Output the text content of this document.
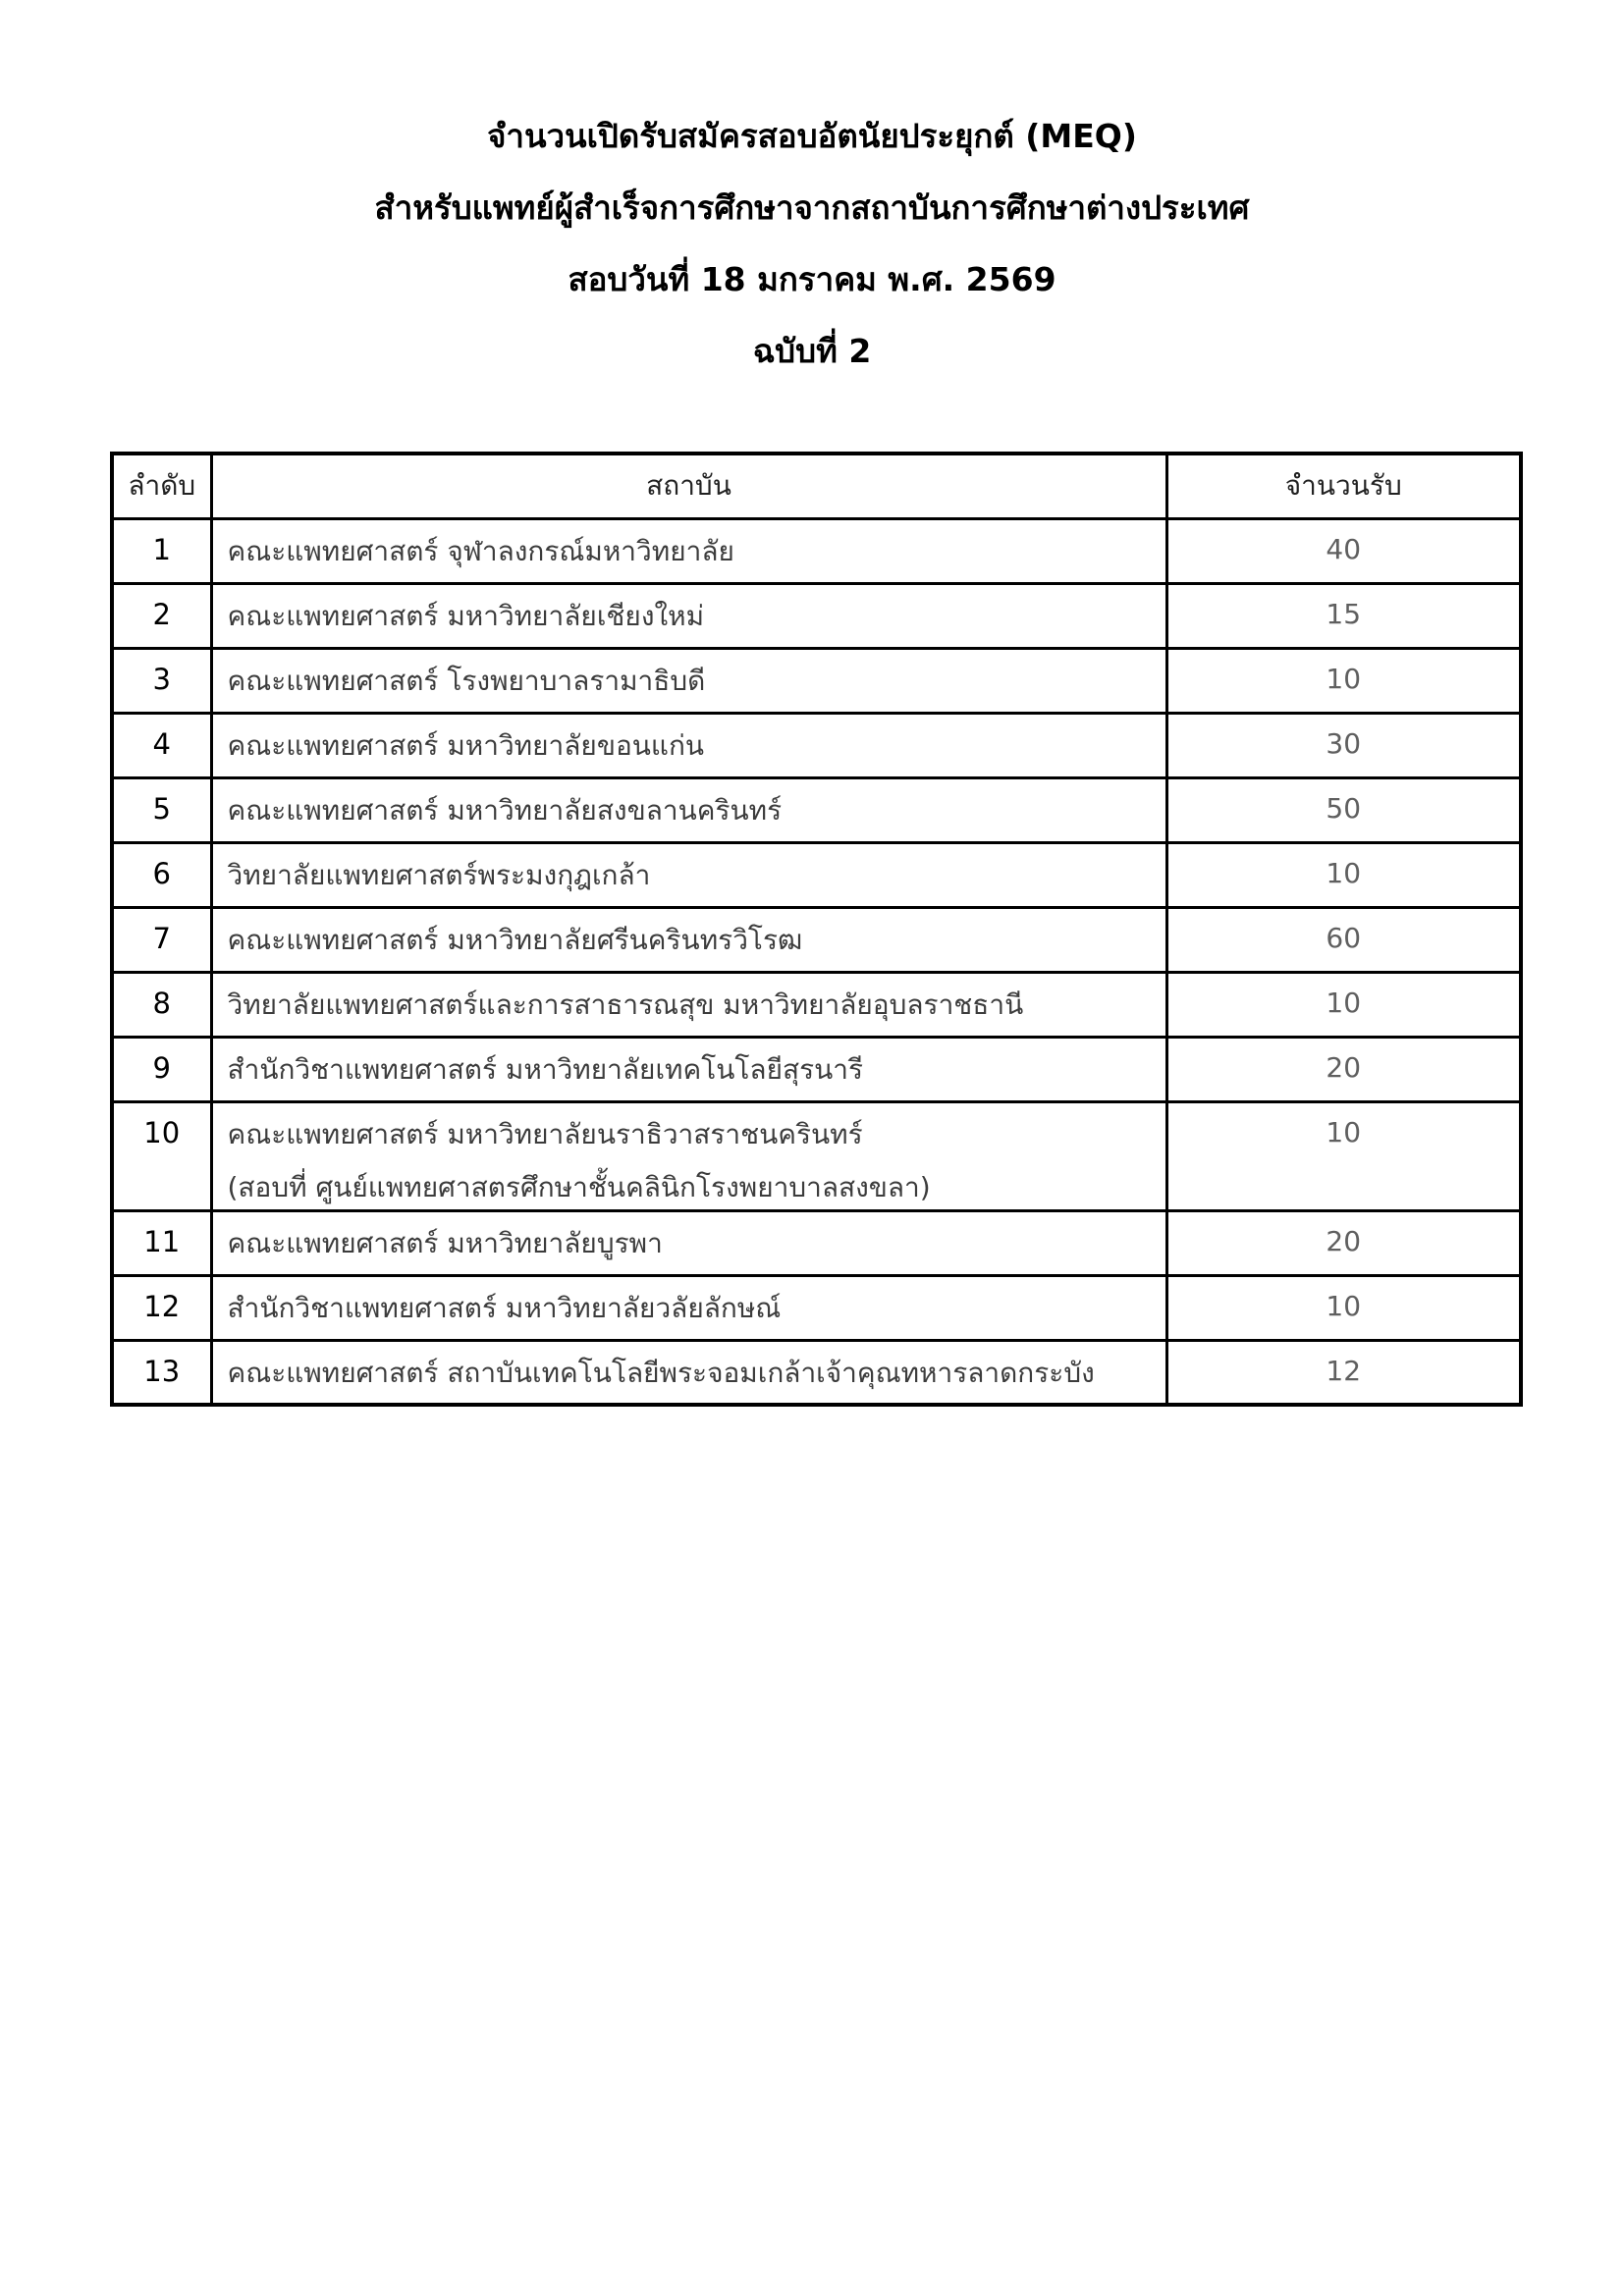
จำนวนเปิดรับสมัครสอบอัตนัยประยุกต์ (MEQ)

สำหรับแพทย์ผู้สำเร็จการศึกษาจากสถาบันการศึกษาต่างประเทศ

สอบวันที่ 18 มกราคม พ.ศ. 2569

ฉบับที่ 2

ลำดับ	สถาบัน	จำนวนรับ
1	คณะแพทยศาสตร์ จุฬาลงกรณ์มหาวิทยาลัย	40
2	คณะแพทยศาสตร์ มหาวิทยาลัยเชียงใหม่	15
3	คณะแพทยศาสตร์ โรงพยาบาลรามาธิบดี	10
4	คณะแพทยศาสตร์ มหาวิทยาลัยขอนแก่น	30
5	คณะแพทยศาสตร์ มหาวิทยาลัยสงขลานครินทร์	50
6	วิทยาลัยแพทยศาสตร์พระมงกุฎเกล้า	10
7	คณะแพทยศาสตร์ มหาวิทยาลัยศรีนครินทรวิโรฒ	60
8	วิทยาลัยแพทยศาสตร์และการสาธารณสุข มหาวิทยาลัยอุบลราชธานี	10
9	สำนักวิชาแพทยศาสตร์ มหาวิทยาลัยเทคโนโลยีสุรนารี	20
10	คณะแพทยศาสตร์ มหาวิทยาลัยนราธิวาสราชนครินทร์
(สอบที่ ศูนย์แพทยศาสตรศึกษาชั้นคลินิกโรงพยาบาลสงขลา)	10
11	คณะแพทยศาสตร์ มหาวิทยาลัยบูรพา	20
12	สำนักวิชาแพทยศาสตร์ มหาวิทยาลัยวลัยลักษณ์	10
13	คณะแพทยศาสตร์ สถาบันเทคโนโลยีพระจอมเกล้าเจ้าคุณทหารลาดกระบัง	12
